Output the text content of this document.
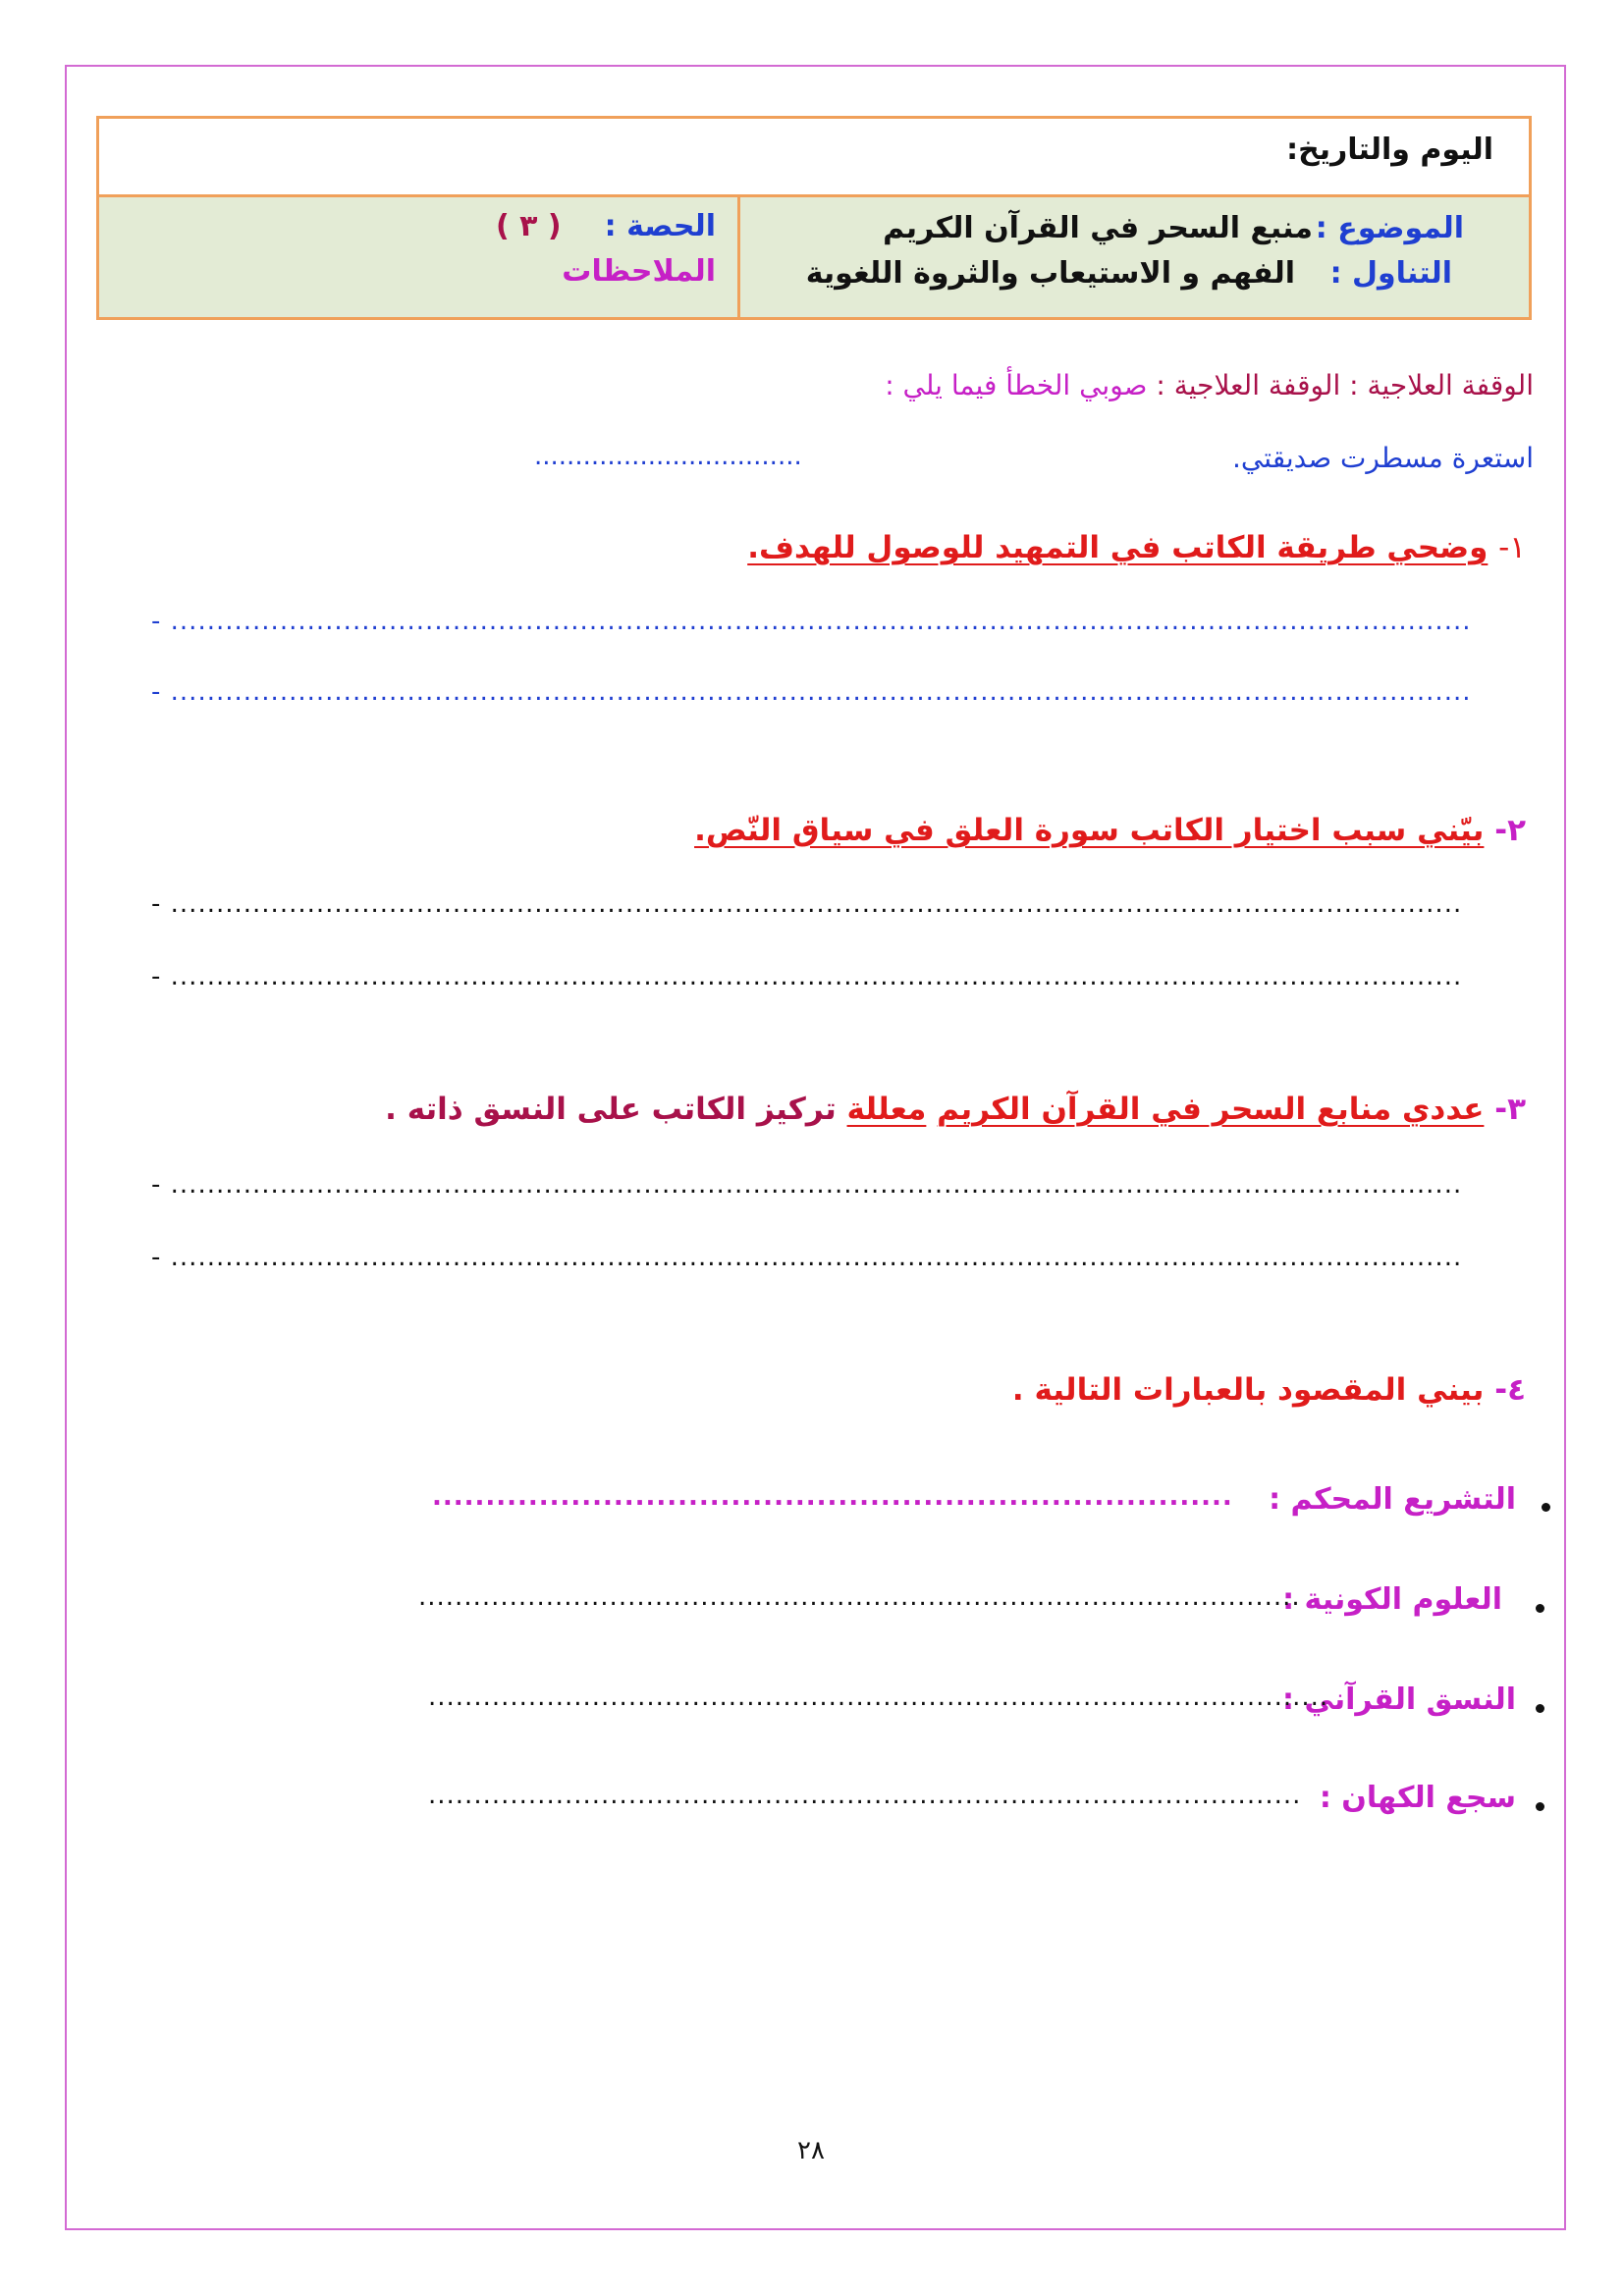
اليوم والتاريخ:
الموضوع :
منبع السحر في القرآن الكريم
التناول :
الفهم و الاستيعاب والثروة اللغوية
الحصة :
( ٣ )
الملاحظات
الوقفة العلاجية : الوقفة العلاجية : صوبي الخطأ فيما يلي :
استعرة مسطرت صديقتي.
.................................
١- وضحي طريقة الكاتب في التمهيد للوصول للهدف.
- ...............................................................................................................................................
- ...............................................................................................................................................
٢- بيّني سبب اختيار الكاتب سورة العلق في سياق النّص.
- ..............................................................................................................................................
- ..............................................................................................................................................
٣- عددي منابع السحر في القرآن الكريم معللة تركيز الكاتب على النسق ذاته .
- ..............................................................................................................................................
- ..............................................................................................................................................
٤- بيني المقصود بالعبارات التالية .
التشريع المحكم :
...........................................................................
العلوم الكونية :
.................................................................................................
النسق القرآني :
...................................................................................................
سجع الكهان :
................................................................................................
٢٨
